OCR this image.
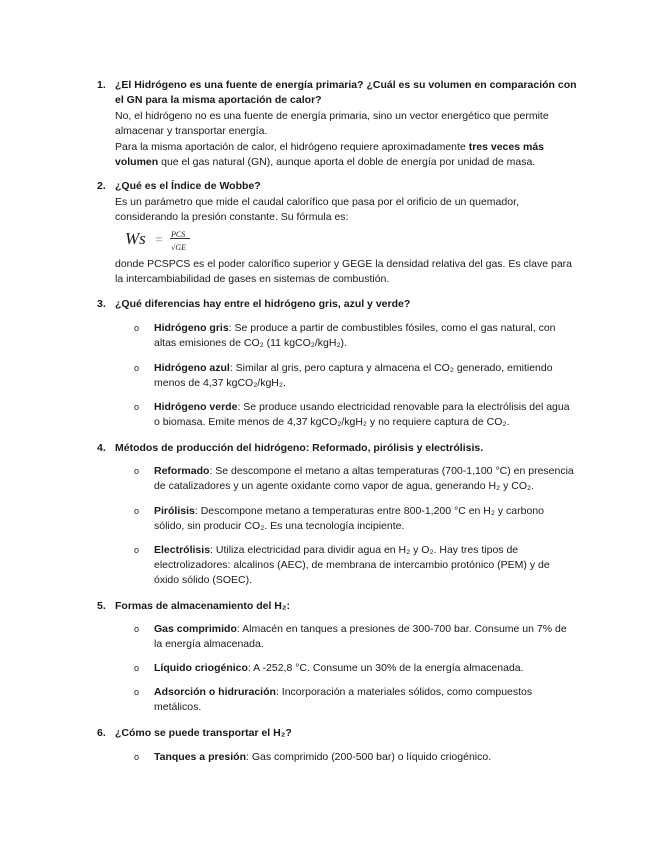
1. ¿El Hidrógeno es una fuente de energía primaria? ¿Cuál es su volumen en comparación con el GN para la misma aportación de calor?
No, el hidrógeno no es una fuente de energía primaria, sino un vector energético que permite almacenar y transportar energía.
Para la misma aportación de calor, el hidrógeno requiere aproximadamente tres veces más volumen que el gas natural (GN), aunque aporta el doble de energía por unidad de masa.
2. ¿Qué es el Índice de Wobbe?
Es un parámetro que mide el caudal calorífico que pasa por el orificio de un quemador, considerando la presión constante. Su fórmula es:
Ws = PCS
√GE
donde PCSPCS es el poder calorífico superior y GEGE la densidad relativa del gas. Es clave para la intercambiabilidad de gases en sistemas de combustión.
3. ¿Qué diferencias hay entre el hidrógeno gris, azul y verde?
o	Hidrógeno gris: Se produce a partir de combustibles fósiles, como el gas natural, con altas emisiones de CO₂ (11 kgCO₂/kgH₂).
o	Hidrógeno azul: Similar al gris, pero captura y almacena el CO₂ generado, emitiendo menos de 4,37 kgCO₂/kgH₂.
o	Hidrógeno verde: Se produce usando electricidad renovable para la electrólisis del agua o biomasa. Emite menos de 4,37 kgCO₂/kgH₂ y no requiere captura de CO₂.
4. Métodos de producción del hidrógeno: Reformado, pirólisis y electrólisis.
o	Reformado: Se descompone el metano a altas temperaturas (700-1,100 °C) en presencia de catalizadores y un agente oxidante como vapor de agua, generando H₂ y CO₂.
o	Pirólisis: Descompone metano a temperaturas entre 800-1,200 °C en H₂ y carbono sólido, sin producir CO₂. Es una tecnología incipiente.
o	Electrólisis: Utiliza electricidad para dividir agua en H₂ y O₂. Hay tres tipos de electrolizadores: alcalinos (AEC), de membrana de intercambio protónico (PEM) y de óxido sólido (SOEC).
5. Formas de almacenamiento del H₂:
o	Gas comprimido: Almacén en tanques a presiones de 300-700 bar. Consume un 7% de la energía almacenada.
o	Líquido criogénico: A -252,8 °C. Consume un 30% de la energía almacenada.
o	Adsorción o hidruración: Incorporación a materiales sólidos, como compuestos metálicos.
6. ¿Cómo se puede transportar el H₂?
o	Tanques a presión: Gas comprimido (200-500 bar) o líquido criogénico.
